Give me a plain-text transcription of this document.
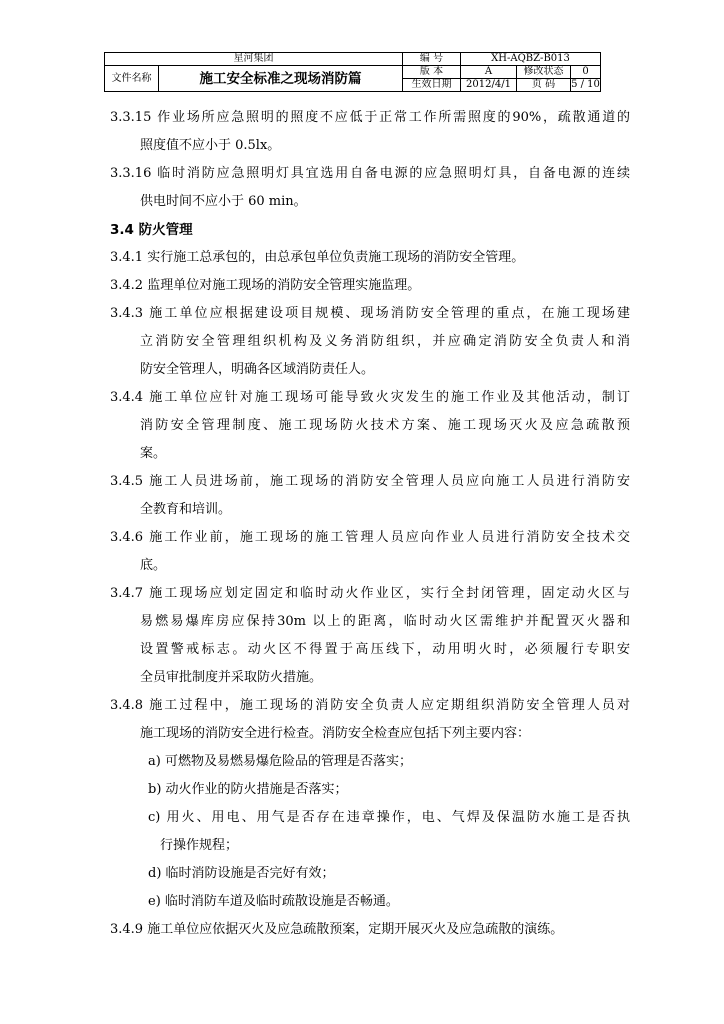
星河集团		编 号	XH-AQBZ-B013		
文件名称	施工安全标准之现场消防篇	版 本	A	修改状态	0
		生效日期	2012/4/1	页 码	5 / 10
3.3.15 作业场所应急照明的照度不应低于正常工作所需照度的90%，疏散通道的
照度值不应小于 0.5lx。
3.3.16 临时消防应急照明灯具宜选用自备电源的应急照明灯具，自备电源的连续
供电时间不应小于 60 min。
3.4 防火管理
3.4.1 实行施工总承包的，由总承包单位负责施工现场的消防安全管理。
3.4.2 监理单位对施工现场的消防安全管理实施监理。
3.4.3 施工单位应根据建设项目规模、现场消防安全管理的重点，在施工现场建
立消防安全管理组织机构及义务消防组织，并应确定消防安全负责人和消
防安全管理人，明确各区域消防责任人。
3.4.4 施工单位应针对施工现场可能导致火灾发生的施工作业及其他活动，制订
消防安全管理制度、施工现场防火技术方案、施工现场灭火及应急疏散预
案。
3.4.5 施工人员进场前，施工现场的消防安全管理人员应向施工人员进行消防安
全教育和培训。
3.4.6 施工作业前，施工现场的施工管理人员应向作业人员进行消防安全技术交
底。
3.4.7 施工现场应划定固定和临时动火作业区，实行全封闭管理，固定动火区与
易燃易爆库房应保持30m 以上的距离，临时动火区需维护并配置灭火器和
设置警戒标志。动火区不得置于高压线下，动用明火时，必须履行专职安
全员审批制度并采取防火措施。
3.4.8 施工过程中，施工现场的消防安全负责人应定期组织消防安全管理人员对
施工现场的消防安全进行检查。消防安全检查应包括下列主要内容：
a) 可燃物及易燃易爆危险品的管理是否落实；
b) 动火作业的防火措施是否落实；
c) 用火、用电、用气是否存在违章操作，电、气焊及保温防水施工是否执
行操作规程；
d) 临时消防设施是否完好有效；
e) 临时消防车道及临时疏散设施是否畅通。
3.4.9 施工单位应依据灭火及应急疏散预案，定期开展灭火及应急疏散的演练。
